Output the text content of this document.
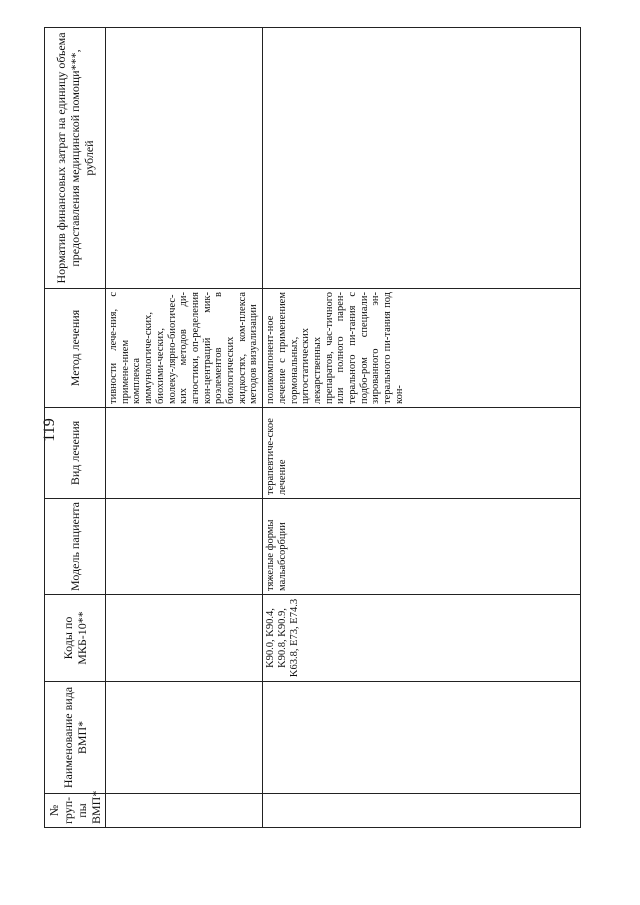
119
№ груп-пы ВМП*	Наименование вида ВМП*	Коды по МКБ-10**	Модель пациента	Вид лечения	Метод лечения	Норматив финансовых затрат на единицу объема предоставления медицинской помощи***, рублей
					тивности лече-ния, с примене-нием комплекса иммунологиче-ских, биохими-ческих, молеку-лярно-биогичес-ких методов ди-агностики, оп-ределения кон-центраций мик-роэлементов в биологических жидкостях, ком-плекса методов визуализации	
		K90.0, K90.4, K90.8, K90.9, K63.8, E73, E74.3	тяжелые формы мальабсорбции	терапевтиче-ское лечение	поликомпонент-ное лечение с применением гормональных, цитостатических лекарственных препаратов, час-тичного или полного парен-терального пи-тания с подбо-ром специали-зированного эн-терального пи-тания под кон-	
